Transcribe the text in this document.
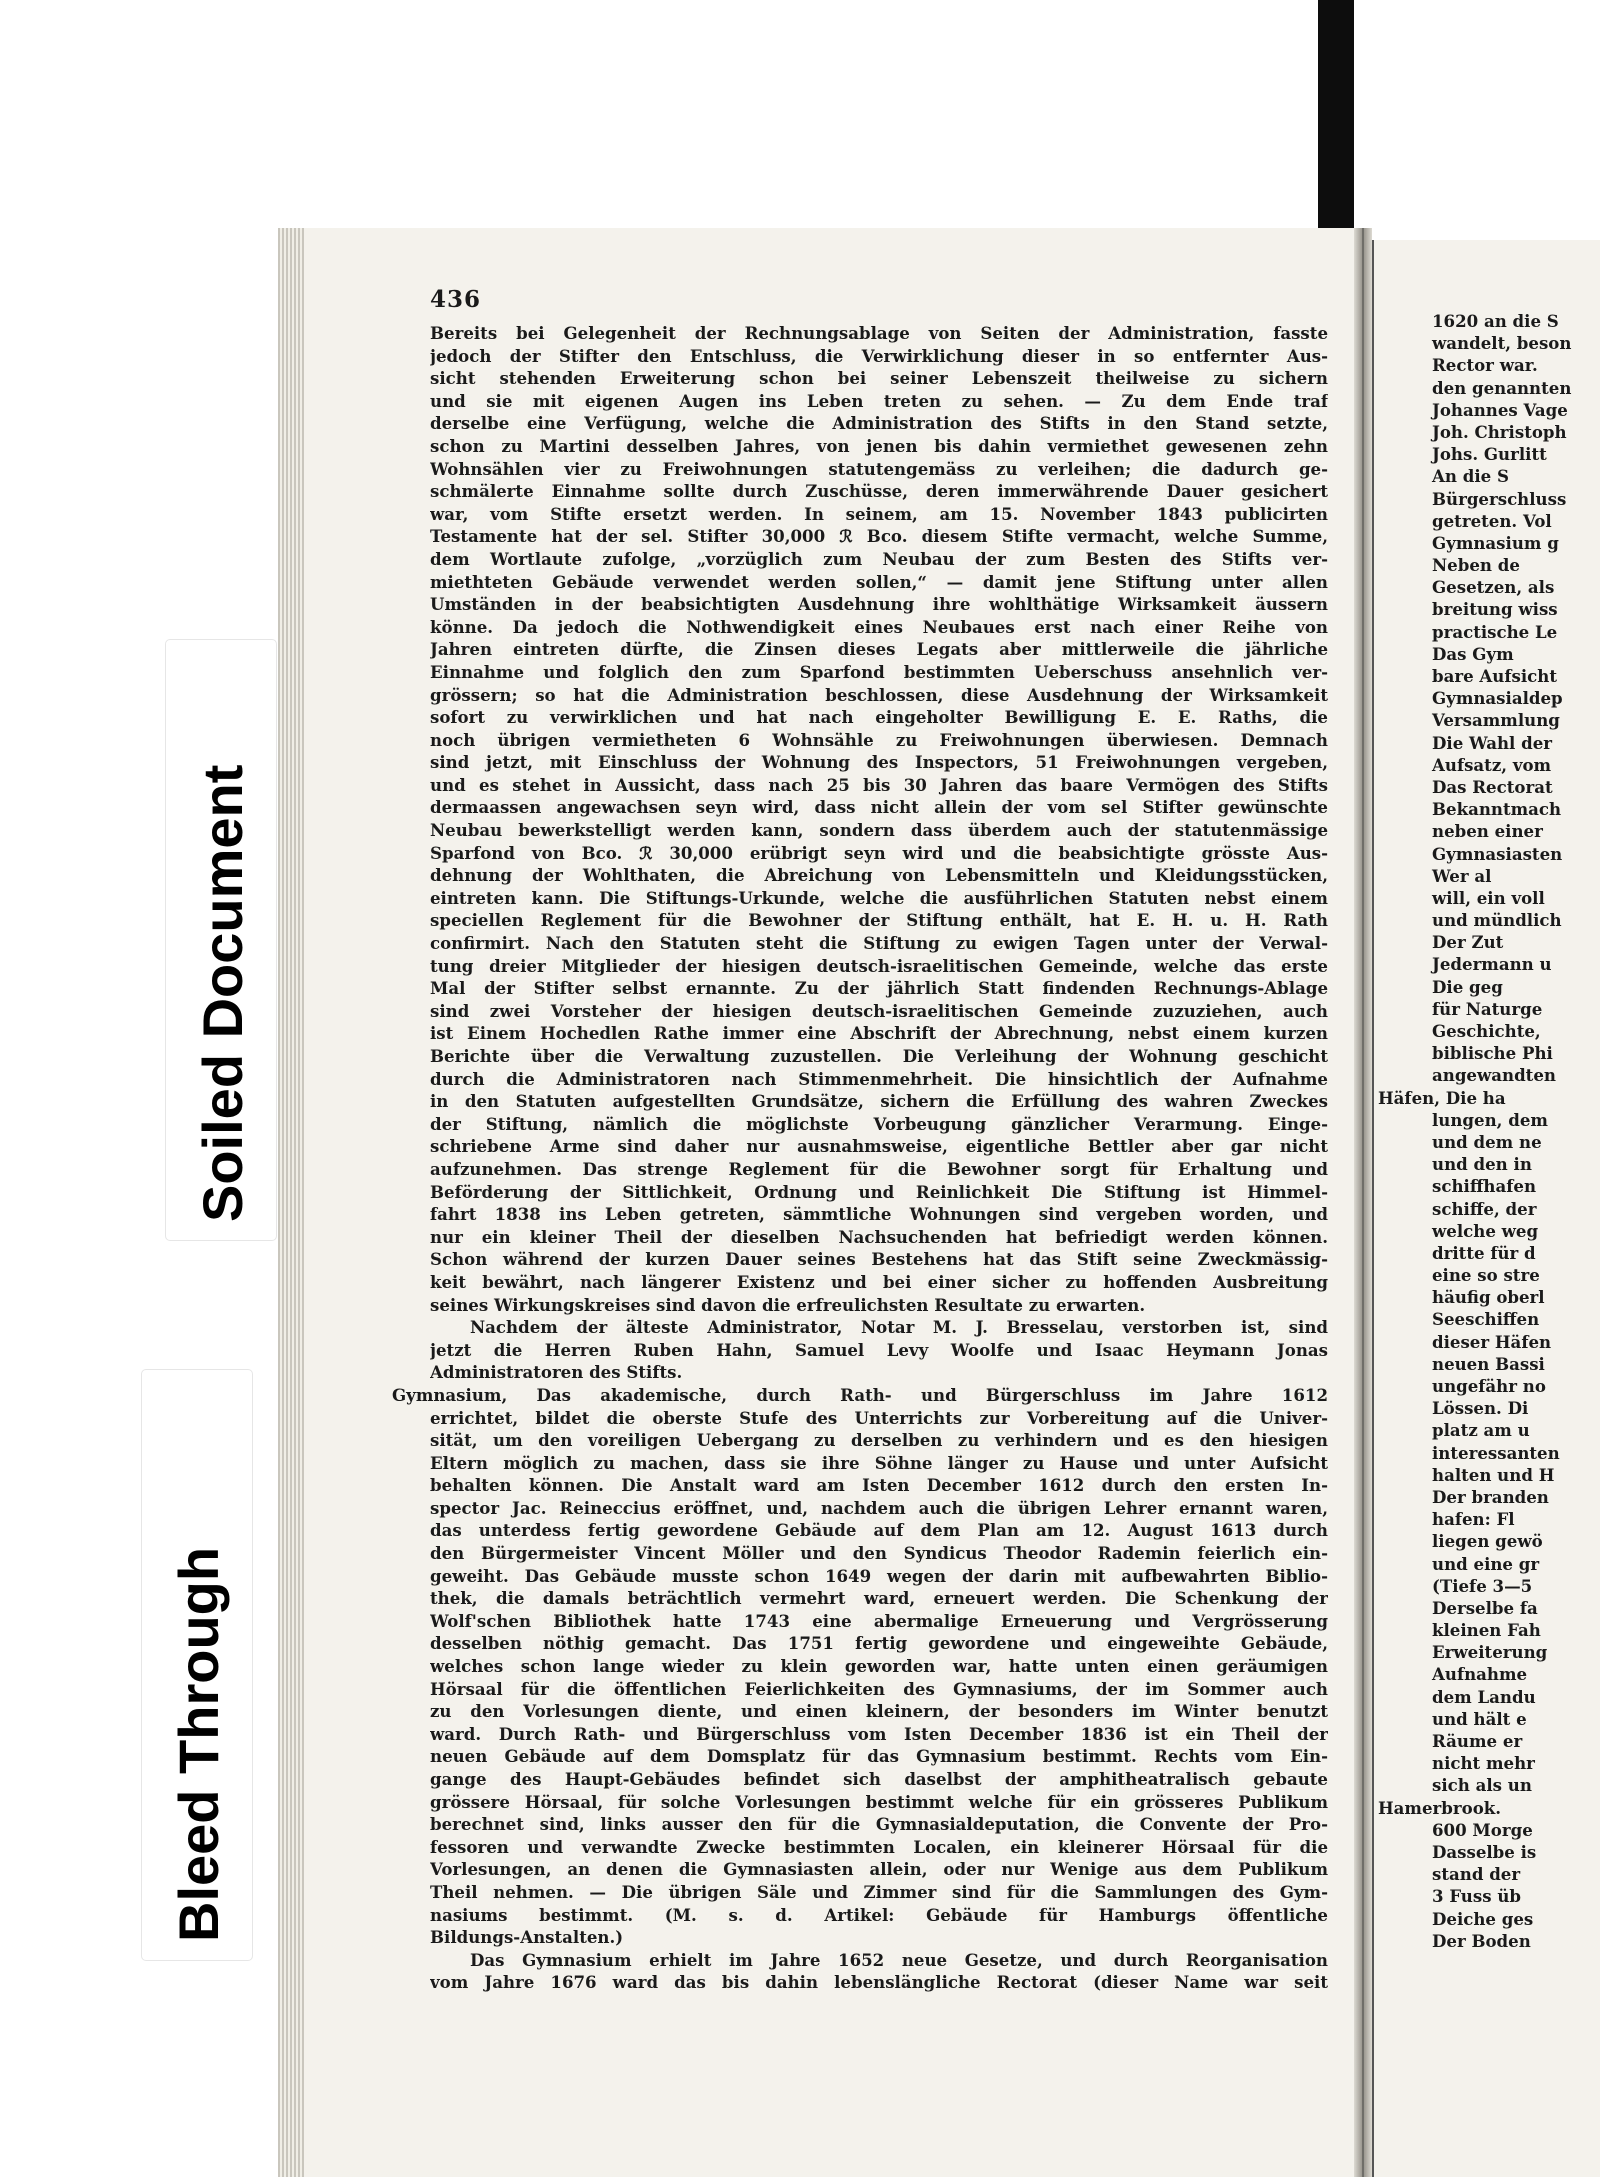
436
Bereits bei Gelegenheit der Rechnungsablage von Seiten der Administration, fasste
jedoch der Stifter den Entschluss, die Verwirklichung dieser in so entfernter Aus-
sicht stehenden Erweiterung schon bei seiner Lebenszeit theilweise zu sichern
und sie mit eigenen Augen ins Leben treten zu sehen. — Zu dem Ende traf
derselbe eine Verfügung, welche die Administration des Stifts in den Stand setzte,
schon zu Martini desselben Jahres, von jenen bis dahin vermiethet gewesenen zehn
Wohnsählen vier zu Freiwohnungen statutengemäss zu verleihen; die dadurch ge-
schmälerte Einnahme sollte durch Zuschüsse, deren immerwährende Dauer gesichert
war, vom Stifte ersetzt werden. In seinem, am 15. November 1843 publicirten
Testamente hat der sel. Stifter 30,000 ℛ Bco. diesem Stifte vermacht, welche Summe,
dem Wortlaute zufolge, „vorzüglich zum Neubau der zum Besten des Stifts ver-
miethteten Gebäude verwendet werden sollen,“ — damit jene Stiftung unter allen
Umständen in der beabsichtigten Ausdehnung ihre wohlthätige Wirksamkeit äussern
könne. Da jedoch die Nothwendigkeit eines Neubaues erst nach einer Reihe von
Jahren eintreten dürfte, die Zinsen dieses Legats aber mittlerweile die jährliche
Einnahme und folglich den zum Sparfond bestimmten Ueberschuss ansehnlich ver-
grössern; so hat die Administration beschlossen, diese Ausdehnung der Wirksamkeit
sofort zu verwirklichen und hat nach eingeholter Bewilligung E. E. Raths, die
noch übrigen vermietheten 6 Wohnsähle zu Freiwohnungen überwiesen. Demnach
sind jetzt, mit Einschluss der Wohnung des Inspectors, 51 Freiwohnungen vergeben,
und es stehet in Aussicht, dass nach 25 bis 30 Jahren das baare Vermögen des Stifts
dermaassen angewachsen seyn wird, dass nicht allein der vom sel Stifter gewünschte
Neubau bewerkstelligt werden kann, sondern dass überdem auch der statutenmässige
Sparfond von Bco. ℛ 30,000 erübrigt seyn wird und die beabsichtigte grösste Aus-
dehnung der Wohlthaten, die Abreichung von Lebensmitteln und Kleidungsstücken,
eintreten kann. Die Stiftungs-Urkunde, welche die ausführlichen Statuten nebst einem
speciellen Reglement für die Bewohner der Stiftung enthält, hat E. H. u. H. Rath
confirmirt. Nach den Statuten steht die Stiftung zu ewigen Tagen unter der Verwal-
tung dreier Mitglieder der hiesigen deutsch-israelitischen Gemeinde, welche das erste
Mal der Stifter selbst ernannte. Zu der jährlich Statt findenden Rechnungs-Ablage
sind zwei Vorsteher der hiesigen deutsch-israelitischen Gemeinde zuzuziehen, auch
ist Einem Hochedlen Rathe immer eine Abschrift der Abrechnung, nebst einem kurzen
Berichte über die Verwaltung zuzustellen. Die Verleihung der Wohnung geschicht
durch die Administratoren nach Stimmenmehrheit. Die hinsichtlich der Aufnahme
in den Statuten aufgestellten Grundsätze, sichern die Erfüllung des wahren Zweckes
der Stiftung, nämlich die möglichste Vorbeugung gänzlicher Verarmung. Einge-
schriebene Arme sind daher nur ausnahmsweise, eigentliche Bettler aber gar nicht
aufzunehmen. Das strenge Reglement für die Bewohner sorgt für Erhaltung und
Beförderung der Sittlichkeit, Ordnung und Reinlichkeit Die Stiftung ist Himmel-
fahrt 1838 ins Leben getreten, sämmtliche Wohnungen sind vergeben worden, und
nur ein kleiner Theil der dieselben Nachsuchenden hat befriedigt werden können.
Schon während der kurzen Dauer seines Bestehens hat das Stift seine Zweckmässig-
keit bewährt, nach längerer Existenz und bei einer sicher zu hoffenden Ausbreitung
seines Wirkungskreises sind davon die erfreulichsten Resultate zu erwarten.
Nachdem der älteste Administrator, Notar M. J. Bresselau, verstorben ist, sind
jetzt die Herren Ruben Hahn, Samuel Levy Woolfe und Isaac Heymann Jonas
Administratoren des Stifts.
Gymnasium, Das akademische, durch Rath- und Bürgerschluss im Jahre 1612
errichtet, bildet die oberste Stufe des Unterrichts zur Vorbereitung auf die Univer-
sität, um den voreiligen Uebergang zu derselben zu verhindern und es den hiesigen
Eltern möglich zu machen, dass sie ihre Söhne länger zu Hause und unter Aufsicht
behalten können. Die Anstalt ward am Isten December 1612 durch den ersten In-
spector Jac. Reineccius eröffnet, und, nachdem auch die übrigen Lehrer ernannt waren,
das unterdess fertig gewordene Gebäude auf dem Plan am 12. August 1613 durch
den Bürgermeister Vincent Möller und den Syndicus Theodor Rademin feierlich ein-
geweiht. Das Gebäude musste schon 1649 wegen der darin mit aufbewahrten Biblio-
thek, die damals beträchtlich vermehrt ward, erneuert werden. Die Schenkung der
Wolf'schen Bibliothek hatte 1743 eine abermalige Erneuerung und Vergrösserung
desselben nöthig gemacht. Das 1751 fertig gewordene und eingeweihte Gebäude,
welches schon lange wieder zu klein geworden war, hatte unten einen geräumigen
Hörsaal für die öffentlichen Feierlichkeiten des Gymnasiums, der im Sommer auch
zu den Vorlesungen diente, und einen kleinern, der besonders im Winter benutzt
ward. Durch Rath- und Bürgerschluss vom Isten December 1836 ist ein Theil der
neuen Gebäude auf dem Domsplatz für das Gymnasium bestimmt. Rechts vom Ein-
gange des Haupt-Gebäudes befindet sich daselbst der amphitheatralisch gebaute
grössere Hörsaal, für solche Vorlesungen bestimmt welche für ein grösseres Publikum
berechnet sind, links ausser den für die Gymnasialdeputation, die Convente der Pro-
fessoren und verwandte Zwecke bestimmten Localen, ein kleinerer Hörsaal für die
Vorlesungen, an denen die Gymnasiasten allein, oder nur Wenige aus dem Publikum
Theil nehmen. — Die übrigen Säle und Zimmer sind für die Sammlungen des Gym-
nasiums bestimmt. (M. s. d. Artikel: Gebäude für Hamburgs öffentliche
Bildungs-Anstalten.)
Das Gymnasium erhielt im Jahre 1652 neue Gesetze, und durch Reorganisation
vom Jahre 1676 ward das bis dahin lebenslängliche Rectorat (dieser Name war seit
1620 an die S
wandelt, beson
Rector war.
den genannten
Johannes Vage
Joh. Christoph
Johs. Gurlitt
An die S
Bürgerschluss
getreten. Vol
Gymnasium g
Neben de
Gesetzen, als
breitung wiss
practische Le
Das Gym
bare Aufsicht
Gymnasialdep
Versammlung
Die Wahl der
Aufsatz, vom
Das Rectorat
Bekanntmach
neben einer
Gymnasiasten
Wer al
will, ein voll
und mündlich
Der Zut
Jedermann u
Die geg
für Naturge
Geschichte,
biblische Phi
angewandten
Häfen, Die ha
lungen, dem
und dem ne
und den in
schiffhafen
schiffe, der
welche weg
dritte für d
eine so stre
häufig oberl
Seeschiffen
dieser Häfen
neuen Bassi
ungefähr no
Lössen. Di
platz am u
interessanten
halten und H
Der branden
hafen: Fl
liegen gewö
und eine gr
(Tiefe 3—5
Derselbe fa
kleinen Fah
Erweiterung
Aufnahme
dem Landu
und hält e
Räume er
nicht mehr
sich als un
Hamerbrook.
600 Morge
Dasselbe is
stand der
3 Fuss üb
Deiche ges
Der Boden
Soiled Document
Bleed Through
